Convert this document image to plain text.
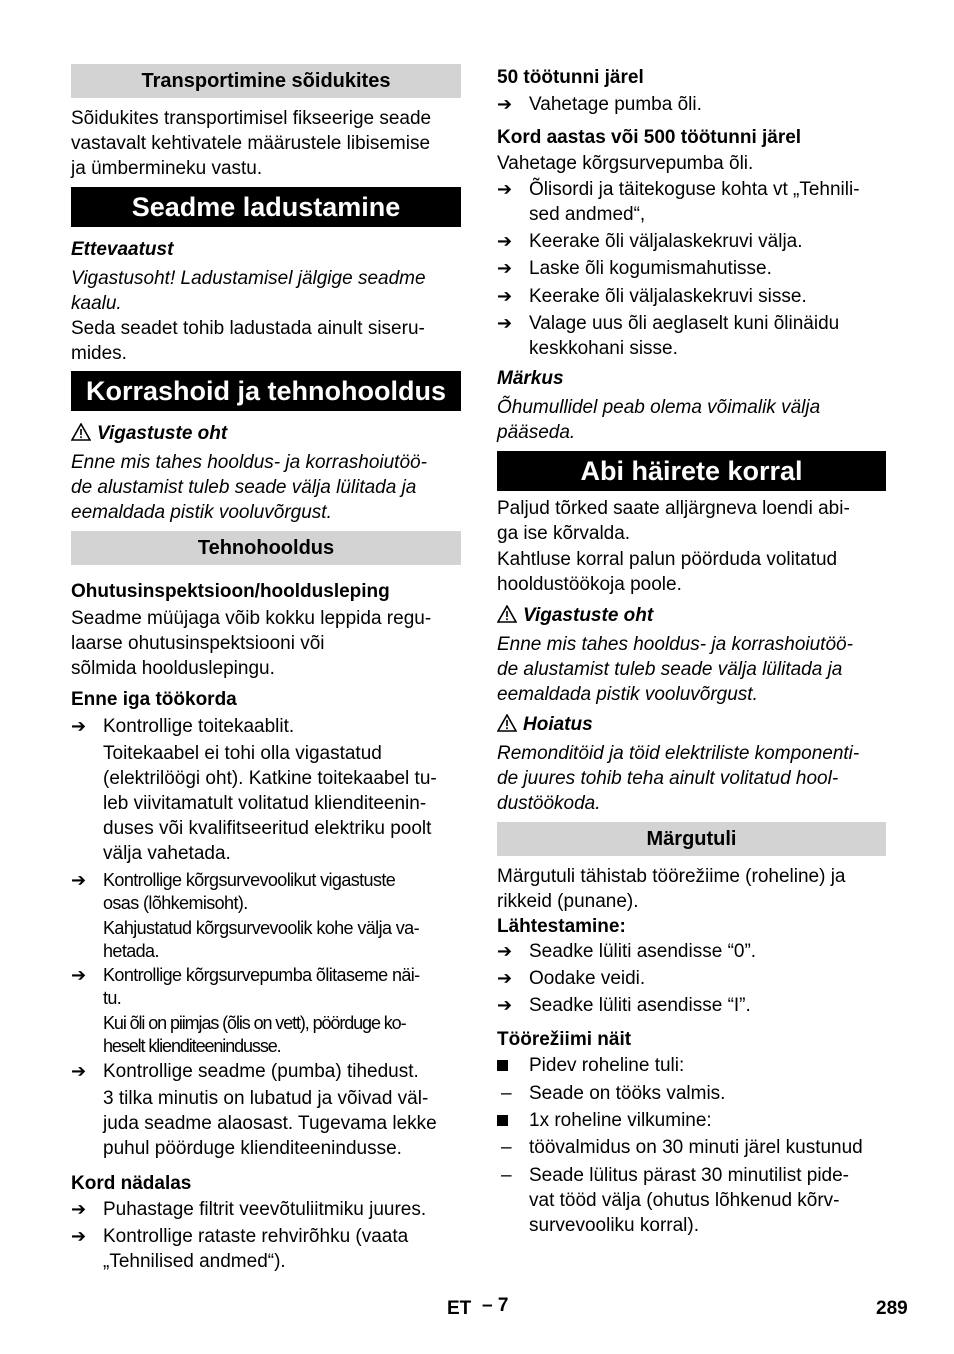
Transportimine sõidukites
Sõidukites transportimisel fikseerige seade
vastavalt kehtivatele määrustele libisemise
ja ümbermineku vastu.
Seadme ladustamine
Ettevaatust
Vigastusoht! Ladustamisel jälgige seadme
kaalu.
Seda seadet tohib ladustada ainult siseru-
mides.
Korrashoid ja tehnohooldus
Vigastuste oht
Enne mis tahes hooldus- ja korrashoiutöö-
de alustamist tuleb seade välja lülitada ja
eemaldada pistik vooluvõrgust.
Tehnohooldus
Ohutusinspektsioon/hooldusleping
Seadme müüjaga võib kokku leppida regu-
laarse ohutusinspektsiooni või
sõlmida hoolduslepingu.
Enne iga töökorda
➔ Kontrollige toitekaablit.
Toitekaabel ei tohi olla vigastatud
(elektrilöögi oht). Katkine toitekaabel tu-
leb viivitamatult volitatud klienditeenin-
duses või kvalifitseeritud elektriku poolt
välja vahetada.
➔ Kontrollige kõrgsurvevoolikut vigastuste
osas (lõhkemisoht).
Kahjustatud kõrgsurvevoolik kohe välja va-
hetada.
➔ Kontrollige kõrgsurvepumba õlitaseme näi-
tu.
Kui õli on piimjas (õlis on vett), pöörduge ko-
heselt klienditeenindusse.
➔ Kontrollige seadme (pumba) tihedust.
3 tilka minutis on lubatud ja võivad väl-
juda seadme alaosast. Tugevama lekke
puhul pöörduge klienditeenindusse.
Kord nädalas
➔ Puhastage filtrit veevõtuliitmiku juures.
➔ Kontrollige rataste rehvirõhku (vaata
„Tehnilised andmed“).
50 töötunni järel
➔ Vahetage pumba õli.
Kord aastas või 500 töötunni järel
Vahetage kõrgsurvepumba õli.
➔ Õlisordi ja täitekoguse kohta vt „Tehnili-
sed andmed“,
➔ Keerake õli väljalaskekruvi välja.
➔ Laske õli kogumismahutisse.
➔ Keerake õli väljalaskekruvi sisse.
➔ Valage uus õli aeglaselt kuni õlinäidu
keskkohani sisse.
Märkus
Õhumullidel peab olema võimalik välja
pääseda.
Abi häirete korral
Paljud tõrked saate alljärgneva loendi abi-
ga ise kõrvalda.
Kahtluse korral palun pöörduda volitatud
hooldustöökoja poole.
Vigastuste oht
Enne mis tahes hooldus- ja korrashoiutöö-
de alustamist tuleb seade välja lülitada ja
eemaldada pistik vooluvõrgust.
Hoiatus
Remonditöid ja töid elektriliste komponenti-
de juures tohib teha ainult volitatud hool-
dustöökoda.
Märgutuli
Märgutuli tähistab töörežiime (roheline) ja
rikkeid (punane).
Lähtestamine:
➔ Seadke lüliti asendisse “0”.
➔ Oodake veidi.
➔ Seadke lüliti asendisse “I”.
Töörežiimi näit
Pidev roheline tuli:
– Seade on tööks valmis.
1x roheline vilkumine:
– töövalmidus on 30 minuti järel kustunud
– Seade lülitus pärast 30 minutilist pide-
vat tööd välja (ohutus lõhkenud kõrv-
survevooliku korral).
ET – 7	289
